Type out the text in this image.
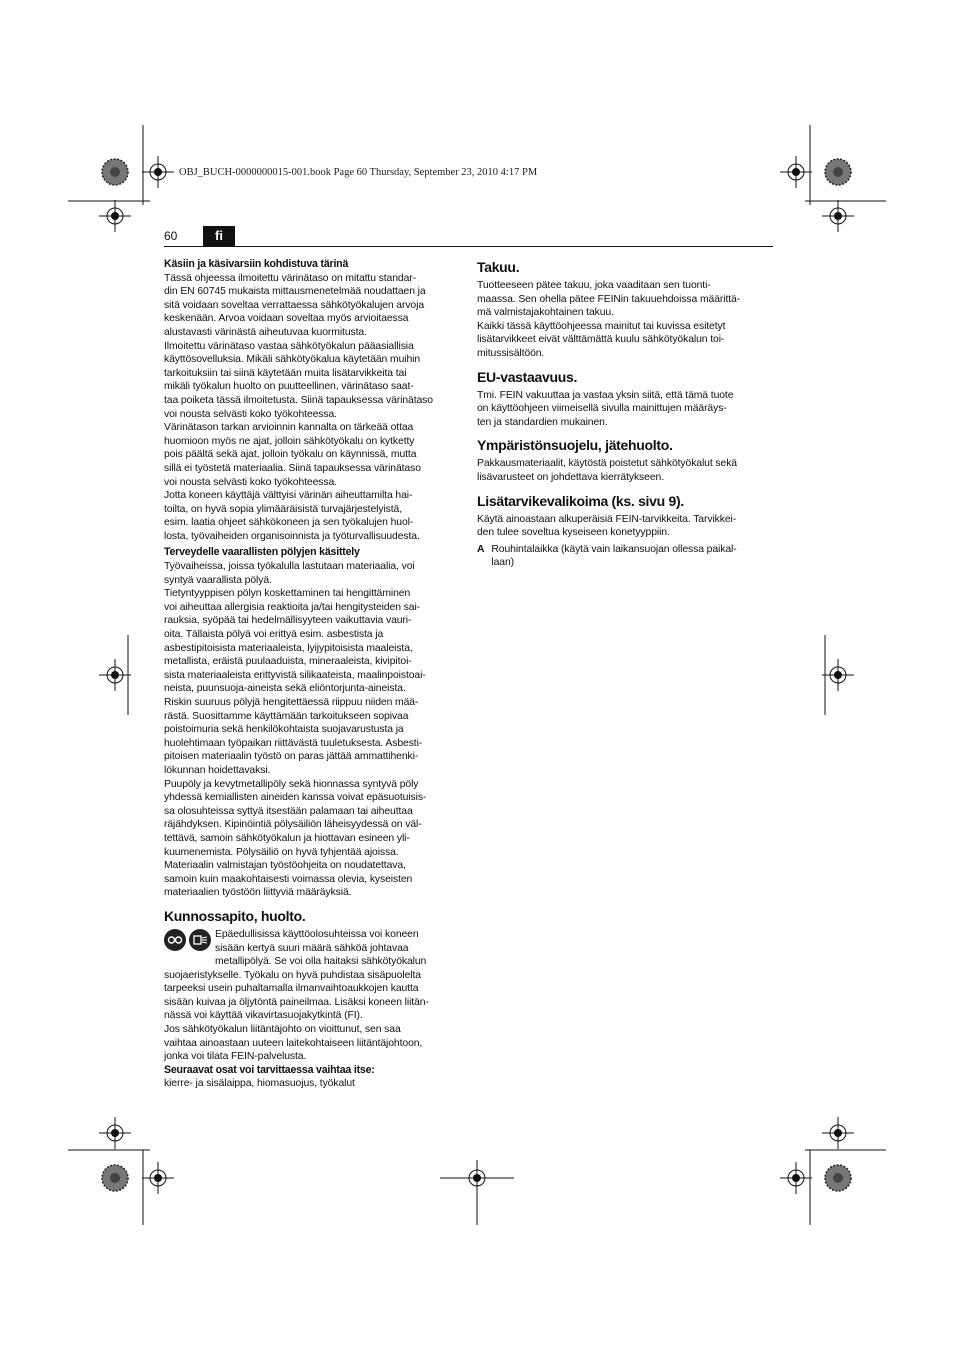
OBJ_BUCH-0000000015-001.book Page 60 Thursday, September 23, 2010 4:17 PM
60	fi

Käsiin ja käsivarsiin kohdistuva tärinä

Tässä ohjeessa ilmoitettu värinätaso on mitattu standar-

din EN 60745 mukaista mittausmenetelmää noudattaen ja

sitä voidaan soveltaa verrattaessa sähkötyökalujen arvoja

keskenään. Arvoa voidaan soveltaa myös arvioitaessa

alustavasti värinästä aiheutuvaa kuormitusta.

Ilmoitettu värinätaso vastaa sähkötyökalun pääasiallisia

käyttösovelluksia. Mikäli sähkötyökalua käytetään muihin

tarkoituksiin tai siinä käytetään muita lisätarvikkeita tai

mikäli työkalun huolto on puutteellinen, värinätaso saat-

taa poiketa tässä ilmoitetusta. Siinä tapauksessa värinätaso

voi nousta selvästi koko työkohteessa.

Värinätason tarkan arvioinnin kannalta on tärkeää ottaa

huomioon myös ne ajat, jolloin sähkötyökalu on kytketty

pois päältä sekä ajat, jolloin työkalu on käynnissä, mutta

sillä ei työstetä materiaalia. Siinä tapauksessa värinätaso

voi nousta selvästi koko työkohteessa.

Jotta koneen käyttäjä välttyisi värinän aiheuttamilta hai-

toilta, on hyvä sopia ylimääräisistä turvajärjestelyistä,

esim. laatia ohjeet sähkökoneen ja sen työkalujen huol-

losta, työvaiheiden organisoinnista ja työturvallisuudesta.

Terveydelle vaarallisten pölyjen käsittely

Työvaiheissa, joissa työkalulla lastutaan materiaalia, voi

syntyä vaarallista pölyä.

Tietyntyyppisen pölyn koskettaminen tai hengittäminen

voi aiheuttaa allergisia reaktioita ja/tai hengitysteiden sai-

rauksia, syöpää tai hedelmällisyyteen vaikuttavia vauri-

oita. Tällaista pölyä voi erittyä esim. asbestista ja

asbestipitoisista materiaaleista, lyijypitoisista maaleista,

metallista, eräistä puulaaduista, mineraaleista, kivipitoi-

sista materiaaleista erittyvistä silikaateista, maalinpoistoai-

neista, puunsuoja-aineista sekä eliöntorjunta-aineista.

Riskin suuruus pölyjä hengitettäessä riippuu niiden mää-

rästä. Suosittamme käyttämään tarkoitukseen sopivaa

poistoimuria sekä henkilökohtaista suojavarustusta ja

huolehtimaan työpaikan riittävästä tuuletuksesta. Asbesti-

pitoisen materiaalin työstö on paras jättää ammattihenki-

lökunnan hoidettavaksi.

Puupöly ja kevytmetallipöly sekä hionnassa syntyvä pöly

yhdessä kemiallisten aineiden kanssa voivat epäsuotuisis-

sa olosuhteissa syttyä itsestään palamaan tai aiheuttaa

räjähdyksen. Kipinöintiä pölysäiliön läheisyydessä on väl-

tettävä, samoin sähkötyökalun ja hiottavan esineen yli-

kuumenemista. Pölysäiliö on hyvä tyhjentää ajoissa.

Materiaalin valmistajan työstöohjeita on noudatettava,

samoin kuin maakohtaisesti voimassa olevia, kyseisten

materiaalien työstöön liittyviä määräyksiä.

Kunnossapito, huolto.

Epäedullisissa käyttöolosuhteissa voi koneen

sisään kertyä suuri määrä sähköä johtavaa

metallipölyä. Se voi olla haitaksi sähkötyökalun

suojaeristykselle. Työkalu on hyvä puhdistaa sisäpuolelta

tarpeeksi usein puhaltamalla ilmanvaihtoaukkojen kautta

sisään kuivaa ja öljytöntä paineilmaa. Lisäksi koneen liitän-

nässä voi käyttää vikavirtasuojakytkintä (FI).

Jos sähkötyökalun liitäntäjohto on vioittunut, sen saa

vaihtaa ainoastaan uuteen laitekohtaiseen liitäntäjohtoon,

jonka voi tilata FEIN-palvelusta.

Seuraavat osat voi tarvittaessa vaihtaa itse:

kierre- ja sisälaippa, hiomasuojus, työkalut

Takuu.

Tuotteeseen pätee takuu, joka vaaditaan sen tuonti-

maassa. Sen ohella pätee FEINin takuuehdoissa määrittä-

mä valmistajakohtainen takuu.

Kaikki tässä käyttöohjeessa mainitut tai kuvissa esitetyt

lisätarvikkeet eivät välttämättä kuulu sähkötyökalun toi-

mitussisältöön.

EU-vastaavuus.

Tmi. FEIN vakuuttaa ja vastaa yksin siitä, että tämä tuote

on käyttöohjeen viimeisellä sivulla mainittujen määräys-

ten ja standardien mukainen.

Ympäristönsuojelu, jätehuolto.

Pakkausmateriaalit, käytöstä poistetut sähkötyökalut sekä

lisävarusteet on johdettava kierrätykseen.

Lisätarvikevalikoima (ks. sivu 9).

Käytä ainoastaan alkuperäisiä FEIN-tarvikkeita. Tarvikkei-

den tulee soveltua kyseiseen konetyyppiin.

A Rouhintalaikka (käytä vain laikansuojan ollessa paikal-

laan)
